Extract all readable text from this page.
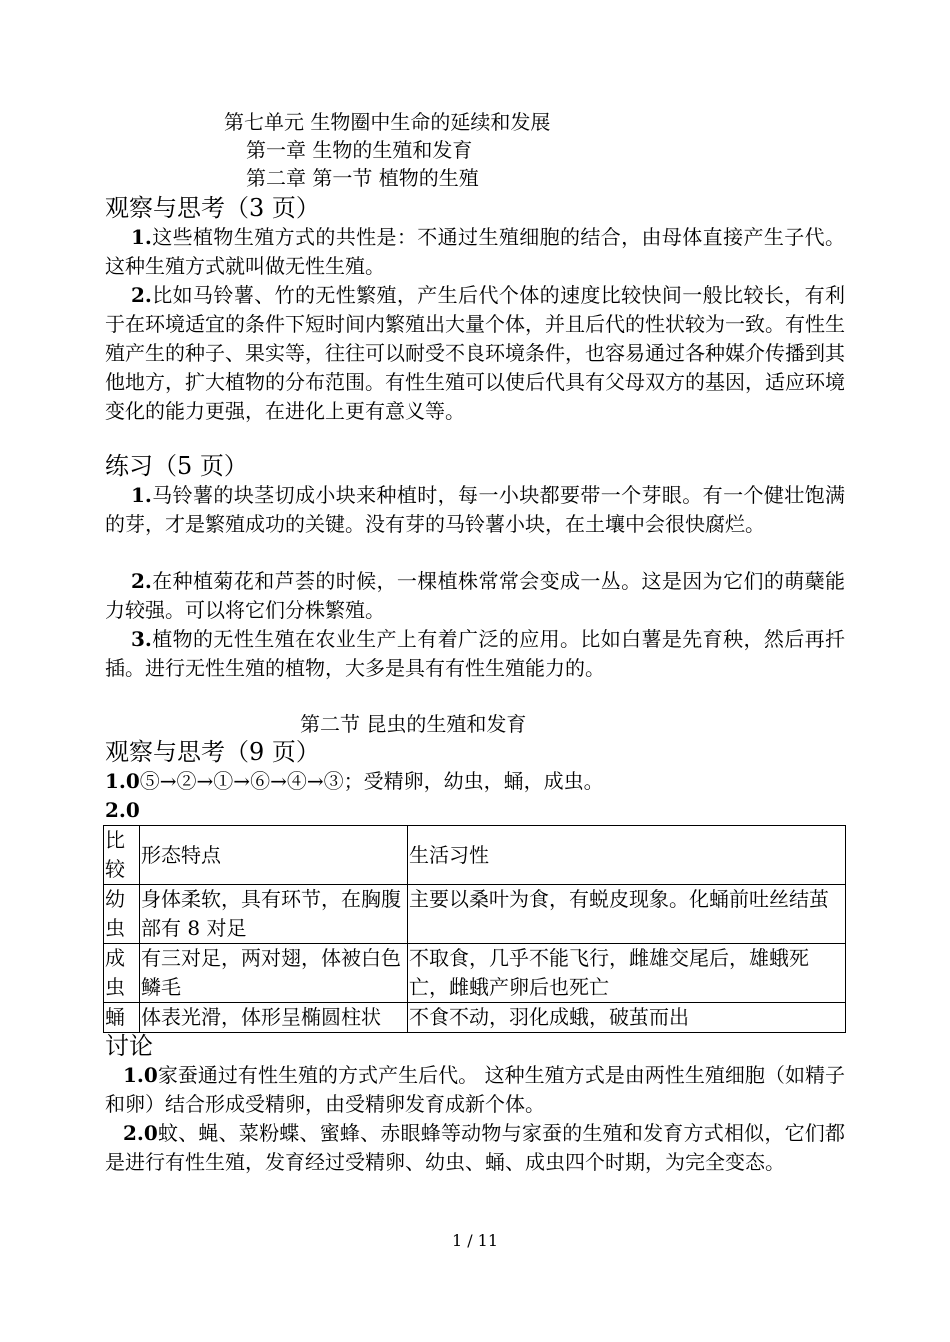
第七单元 生物圈中生命的延续和发展
第一章 生物的生殖和发育
第二章 第一节 植物的生殖
观察与思考（3 页）
1.这些植物生殖方式的共性是：不通过生殖细胞的结合，由母体直接产生子代。这种生殖方式就叫做无性生殖。
2.比如马铃薯、竹的无性繁殖，产生后代个体的速度比较快间一般比较长，有利于在环境适宜的条件下短时间内繁殖出大量个体，并且后代的性状较为一致。有性生殖产生的种子、果实等，往往可以耐受不良环境条件，也容易通过各种媒介传播到其他地方，扩大植物的分布范围。有性生殖可以使后代具有父母双方的基因，适应环境变化的能力更强，在进化上更有意义等。
练习（5 页）
1.马铃薯的块茎切成小块来种植时，每一小块都要带一个芽眼。有一个健壮饱满的芽，才是繁殖成功的关键。没有芽的马铃薯小块，在土壤中会很快腐烂。
2.在种植菊花和芦荟的时候，一棵植株常常会变成一丛。这是因为它们的萌蘖能力较强。可以将它们分株繁殖。
3.植物的无性生殖在农业生产上有着广泛的应用。比如白薯是先育秧，然后再扦插。进行无性生殖的植物，大多是具有有性生殖能力的。
第二节 昆虫的生殖和发育
观察与思考（9 页）
1.0⑤→②→①→⑥→④→③；受精卵，幼虫，蛹，成虫。
2.0
比较	形态特点	生活习性
幼虫	身体柔软，具有环节，在胸腹部有 8 对足	主要以桑叶为食，有蜕皮现象。化蛹前吐丝结茧
成虫	有三对足，两对翅，体被白色鳞毛	不取食，几乎不能飞行，雌雄交尾后，雄蛾死亡，雌蛾产卵后也死亡
蛹	体表光滑，体形呈椭圆柱状	不食不动，羽化成蛾，破茧而出
讨论
1.0家蚕通过有性生殖的方式产生后代。 这种生殖方式是由两性生殖细胞（如精子和卵）结合形成受精卵，由受精卵发育成新个体。
2.0蚊、蝇、菜粉蝶、蜜蜂、赤眼蜂等动物与家蚕的生殖和发育方式相似，它们都是进行有性生殖，发育经过受精卵、幼虫、蛹、成虫四个时期，为完全变态。
1 / 11
